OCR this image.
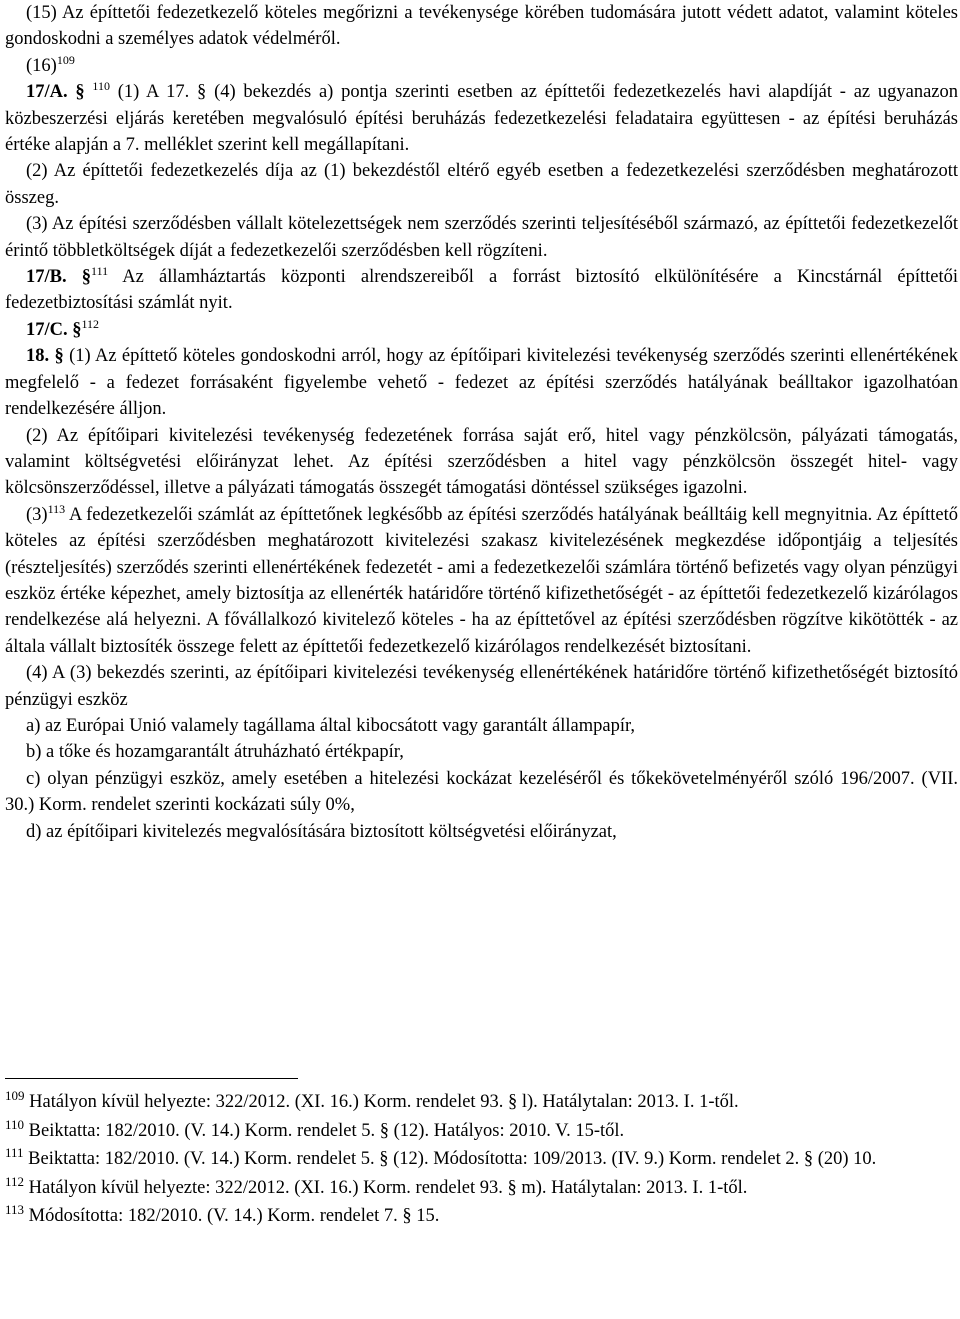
(15) Az építtetői fedezetkezelő köteles megőrizni a tevékenysége körében tudomására jutott védett adatot, valamint köteles gondoskodni a személyes adatok védelméről.

$(16)^{109}$

17/A. § $^{110}$ (1) A 17. § (4) bekezdés a) pontja szerinti esetben az építtetői fedezetkezelés havi alapdíját - az ugyanazon közbeszerzési eljárás keretében megvalósuló építési beruházás fedezetkezelési feladataira együttesen - az építési beruházás értéke alapján a 7. melléklet szerint kell megállapítani.

(2) Az építtetői fedezetkezelés díja az (1) bekezdéstől eltérő egyéb esetben a fedezetkezelési szerződésben meghatározott összeg.

(3) Az építési szerződésben vállalt kötelezettségek nem szerződés szerinti teljesítéséből származó, az építtetői fedezetkezelőt érintő többletköltségek díját a fedezetkezelői szerződésben kell rögzíteni.

17/B. §$^{111}$ Az államháztartás központi alrendszereiből a forrást biztosító elkülönítésére a Kincstárnál építtetői fedezetbiztosítási számlát nyit.

17/C. §$^{112}$

18. § (1) Az építtető köteles gondoskodni arról, hogy az építőipari kivitelezési tevékenység szerződés szerinti ellenértékének megfelelő - a fedezet forrásaként figyelembe vehető - fedezet az építési szerződés hatályának beálltakor igazolhatóan rendelkezésére álljon.

(2) Az építőipari kivitelezési tevékenység fedezetének forrása saját erő, hitel vagy pénzkölcsön, pályázati támogatás, valamint költségvetési előirányzat lehet. Az építési szerződésben a hitel vagy pénzkölcsön összegét hitel- vagy kölcsönszerződéssel, illetve a pályázati támogatás összegét támogatási döntéssel szükséges igazolni.

$(3)^{113}$ A fedezetkezelői számlát az építtetőnek legkésőbb az építési szerződés hatályának beálltáig kell megnyitnia. Az építtető köteles az építési szerződésben meghatározott kivitelezési szakasz kivitelezésének megkezdése időpontjáig a teljesítés (részteljesítés) szerződés szerinti ellenértékének fedezetét - ami a fedezetkezelői számlára történő befizetés vagy olyan pénzügyi eszköz értéke képezhet, amely biztosítja az ellenérték határidőre történő kifizethetőségét - az építtetői fedezetkezelő kizárólagos rendelkezése alá helyezni. A fővállalkozó kivitelező köteles - ha az építtetővel az építési szerződésben rögzítve kikötötték - az általa vállalt biztosíték összege felett az építtetői fedezetkezelő kizárólagos rendelkezését biztosítani.

(4) A (3) bekezdés szerinti, az építőipari kivitelezési tevékenység ellenértékének határidőre történő kifizethetőségét biztosító pénzügyi eszköz

a) az Európai Unió valamely tagállama által kibocsátott vagy garantált állampapír,

b) a tőke és hozamgarantált átruházható értékpapír,

c) olyan pénzügyi eszköz, amely esetében a hitelezési kockázat kezeléséről és tőkekövetelményéről szóló 196/2007. (VII. 30.) Korm. rendelet szerinti kockázati súly 0%,

d) az építőipari kivitelezés megvalósítására biztosított költségvetési előirányzat,

$^{109}$ Hatályon kívül helyezte: 322/2012. (XI. 16.) Korm. rendelet 93. § l). Hatálytalan: 2013. I. 1-től.

$^{110}$ Beiktatta: 182/2010. (V. 14.) Korm. rendelet 5. § (12). Hatályos: 2010. V. 15-től.

$^{111}$ Beiktatta: 182/2010. (V. 14.) Korm. rendelet 5. § (12). Módosította: 109/2013. (IV. 9.) Korm. rendelet 2. § (20) 10.

$^{112}$ Hatályon kívül helyezte: 322/2012. (XI. 16.) Korm. rendelet 93. § m). Hatálytalan: 2013. I. 1-től.

$^{113}$ Módosította: 182/2010. (V. 14.) Korm. rendelet 7. § 15.
